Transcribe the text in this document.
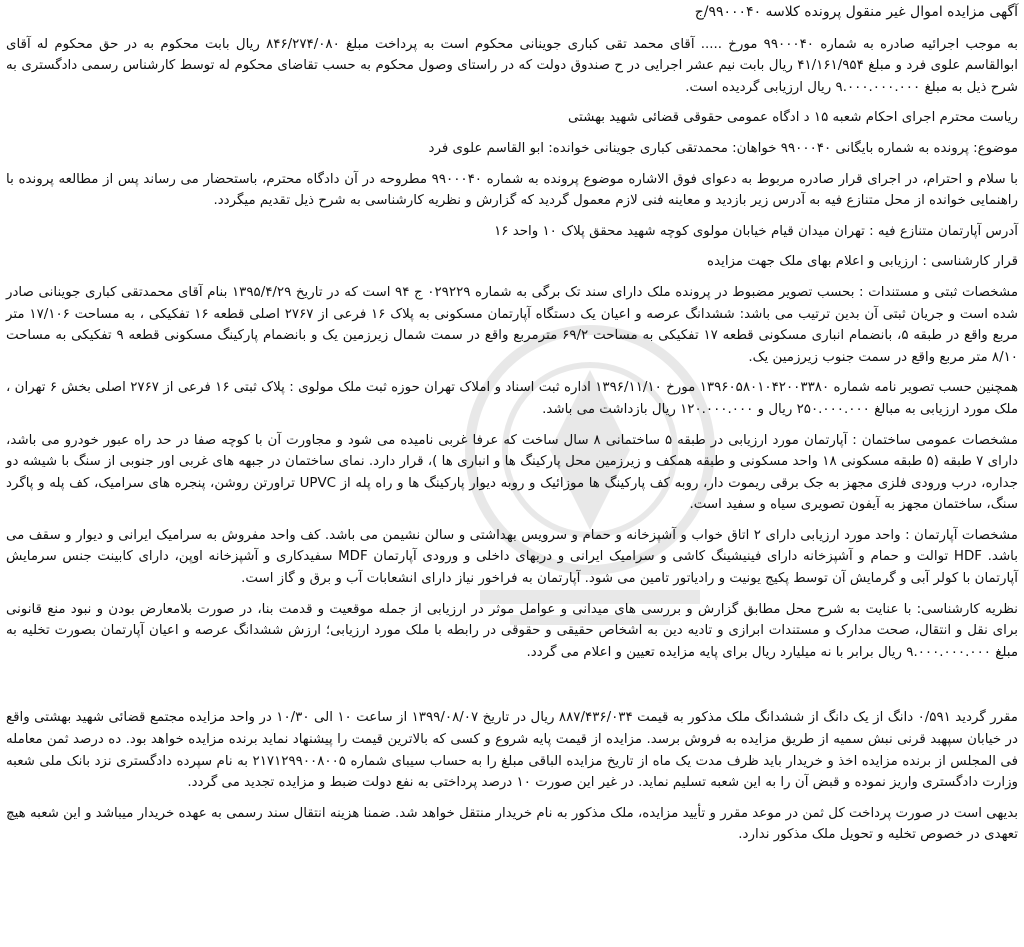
آگهی مزایده اموال غیر منقول پرونده کلاسه ۹۹۰۰۰۴۰/ج

به موجب اجرائیه صادره به شماره ۹۹۰۰۰۴۰ مورخ ..... آقای محمد تقی کباری جوینانی محکوم است به پرداخت مبلغ ۸۴۶/۲۷۴/۰۸۰ ریال بابت محکوم به در حق محکوم له آقای ابوالقاسم علوی فرد و مبلغ ۴۱/۱۶۱/۹۵۴ ریال بابت نیم عشر اجرایی در ح صندوق دولت که در راستای وصول محکوم به حسب تقاضای محکوم له توسط کارشناس رسمی دادگستری به شرح ذیل به مبلغ ۹.۰۰۰.۰۰۰.۰۰۰ ریال ارزیابی گردیده است.

ریاست محترم اجرای احکام شعبه ۱۵ د ادگاه عمومی حقوقی قضائی شهید بهشتی

موضوع: پرونده به شماره بایگانی ۹۹۰۰۰۴۰ خواهان: محمدتقی کباری جوینانی خوانده: ابو القاسم علوی فرد

با سلام و احترام، در اجرای قرار صادره مربوط به دعوای فوق الاشاره موضوع پرونده به شماره ۹۹۰۰۰۴۰ مطروحه در آن دادگاه محترم، باستحضار می رساند پس از مطالعه پرونده با راهنمایی خوانده از محل متنازع فیه به آدرس زیر بازدید و معاینه فنی لازم معمول گردید که گزارش و نظریه کارشناسی به شرح ذیل تقدیم میگردد.

آدرس آپارتمان متنازع فیه : تهران میدان قیام خیابان مولوی کوچه شهید محقق پلاک ۱۰ واحد ۱۶

قرار کارشناسی : ارزیابی و اعلام بهای ملک جهت مزایده

مشخصات ثبتی و مستندات : بحسب تصویر مضبوط در پرونده ملک دارای سند تک برگی به شماره ۰۲۹۲۲۹ ج ۹۴ است که در تاریخ ۱۳۹۵/۴/۲۹ بنام آقای محمدتقی کباری جوینانی صادر شده است و جریان ثبتی آن بدین ترتیب می باشد: ششدانگ عرصه و اعیان یک دستگاه آپارتمان مسکونی به پلاک ۱۶ فرعی از ۲۷۶۷ اصلی قطعه ۱۶ تفکیکی ، به مساحت ۱۷/۱۰۶ متر مربع واقع در طبقه ۵، بانضمام انباری مسکونی قطعه ۱۷ تفکیکی به مساحت ۶۹/۲ مترمربع واقع در سمت شمال زیرزمین یک و بانضمام پارکینگ مسکونی قطعه ۹ تفکیکی به مساحت ۸/۱۰ متر مربع واقع در سمت جنوب زیرزمین یک.

همچنین حسب تصویر نامه شماره ۱۳۹۶۰۵۸۰۱۰۴۲۰۰۳۳۸۰ مورخ ۱۳۹۶/۱۱/۱۰ اداره ثبت اسناد و املاک تهران حوزه ثبت ملک مولوی : پلاک ثبتی ۱۶ فرعی از ۲۷۶۷ اصلی بخش ۶ تهران ، ملک مورد ارزیابی به مبالغ ۲۵۰.۰۰۰.۰۰۰ ریال و ۱۲۰.۰۰۰.۰۰۰ ریال بازداشت می باشد.

مشخصات عمومی ساختمان : آپارتمان مورد ارزیابی در طبقه ۵ ساختمانی ۸ سال ساخت که عرفا غربی نامیده می شود و مجاورت آن با کوچه صفا در حد راه عبور خودرو می باشد، دارای ۷ طبقه (۵ طبقه مسکونی ۱۸ واحد مسکونی و طبقه همکف و زیرزمین محل پارکینگ ها و انباری ها )، قرار دارد. نمای ساختمان در جبهه های غربی اور جنوبی از سنگ با شیشه دو جداره، درب ورودی فلزی مجهز به جک برقی ریموت دار، روبه کف پارکینگ ها موزائیک و روبه دیوار پارکینگ ها و راه پله از UPVC تراورتن روشن، پنجره های سرامیک، کف پله و پاگرد سنگ، ساختمان مجهز به آیفون تصویری سیاه و سفید است.

مشخصات آپارتمان : واحد مورد ارزیابی دارای ۲ اتاق خواب و آشپزخانه و حمام و سرویس بهداشتی و سالن نشیمن می باشد. کف واحد مفروش به سرامیک ایرانی و دیوار و سقف می باشد. HDF توالت و حمام و آشپزخانه دارای فینیشینگ کاشی و سرامیک ایرانی و دربهای داخلی و ورودی آپارتمان MDF سفیدکاری و آشپزخانه اوپن، دارای کابینت جنس سرمایش آپارتمان با کولر آبی و گرمایش آن توسط پکیج یونیت و رادیاتور تامین می شود. آپارتمان به فراخور نیاز دارای انشعابات آب و برق و گاز است.

نظریه کارشناسی: با عنایت به شرح محل مطابق گزارش و بررسی های میدانی و عوامل موثر در ارزیابی از جمله موقعیت و قدمت بنا، در صورت بلامعارض بودن و نبود منع قانونی برای نقل و انتقال، صحت مدارک و مستندات ابرازی و تادیه دین به اشخاص حقیقی و حقوقی در رابطه با ملک مورد ارزیابی؛ ارزش ششدانگ عرصه و اعیان آپارتمان بصورت تخلیه به مبلغ ۹.۰۰۰.۰۰۰.۰۰۰ ریال برابر با نه میلیارد ریال برای پایه مزایده تعیین و اعلام می گردد.

مقرر گردید ۰/۵۹۱ دانگ از یک دانگ از ششدانگ ملک مذکور به قیمت ۸۸۷/۴۳۶/۰۳۴ ریال در تاریخ ۱۳۹۹/۰۸/۰۷ از ساعت ۱۰ الی ۱۰/۳۰ در واحد مزایده مجتمع قضائی شهید بهشتی واقع در خیابان سپهبد قرنی نبش سمیه از طریق مزایده به فروش برسد. مزایده از قیمت پایه شروع و کسی که بالاترین قیمت را پیشنهاد نماید برنده مزایده خواهد بود. ده درصد ثمن معامله فی المجلس از برنده مزایده اخذ و خریدار باید ظرف مدت یک ماه از تاریخ مزایده الباقی مبلغ را به حساب سیبای شماره ۲۱۷۱۲۹۹۰۰۸۰۰۵ به نام سپرده دادگستری نزد بانک ملی شعبه وزارت دادگستری واریز نموده و قبض آن را به این شعبه تسلیم نماید. در غیر این صورت ۱۰ درصد پرداختی به نفع دولت ضبط و مزایده تجدید می گردد.

بدیهی است در صورت پرداخت کل ثمن در موعد مقرر و تأیید مزایده، ملک مذکور به نام خریدار منتقل خواهد شد. ضمنا هزینه انتقال سند رسمی به عهده خریدار میباشد و این شعبه هیچ تعهدی در خصوص تخلیه و تحویل ملک مذکور ندارد.
